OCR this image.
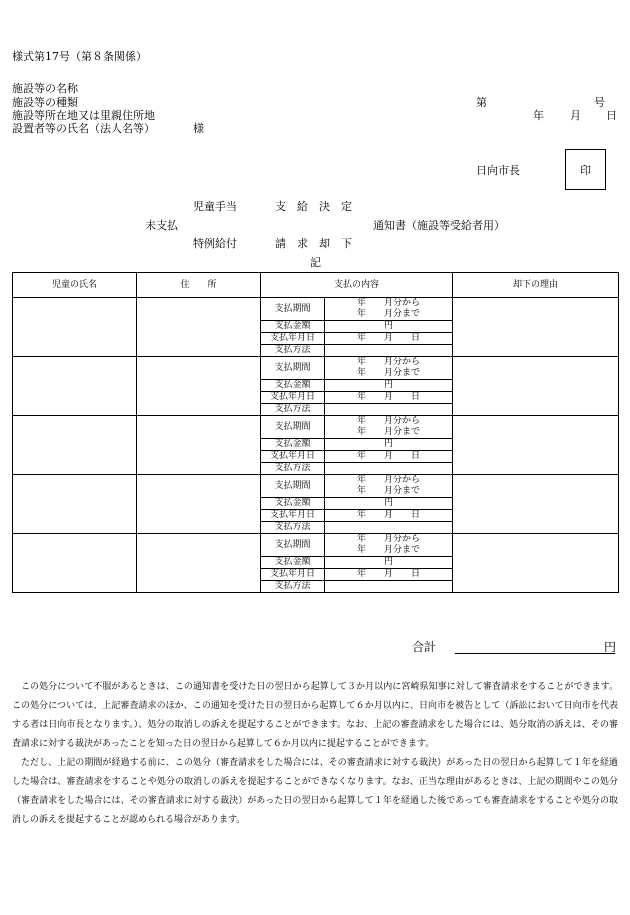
様式第17号（第８条関係）
施設等の名称
施設等の種類
施設等所在地又は里親住所地
設置者等の氏名（法人名等）	様
第	号
年 月 日
日向市長	印
児童手当	支　給　決　定
未支払	通知書（施設等受給者用）
特例給付	請　求　却　下
記
児童の氏名	住　　所	支払の内容		却下の理由
		支払期間	年　　月分から
年　　月分まで	

		支払金額	円	
		支払年月日	年　　月　　日	
		支払方法		
		支払期間	年　　月分から
年　　月分まで	

		支払金額	円	
		支払年月日	年　　月　　日	
		支払方法		
		支払期間	年　　月分から
年　　月分まで	

		支払金額	円	
		支払年月日	年　　月　　日	
		支払方法		
		支払期間	年　　月分から
年　　月分まで	

		支払金額	円	
		支払年月日	年　　月　　日	
		支払方法		
		支払期間	年　　月分から
年　　月分まで	

		支払金額	円	
		支払年月日	年　　月　　日	
		支払方法		
合計	円

この処分について不服があるときは、この通知書を受けた日の翌日から起算して３か月以内に宮崎県知事に対して審査請求をすることができます。この処分については、上記審査請求のほか、この通知を受けた日の翌日から起算して６か月以内に、日向市を被告として（訴訟において日向市を代表する者は日向市長となります。）、処分の取消しの訴えを提起することができます。なお、上記の審査請求をした場合には、処分取消の訴えは、その審査請求に対する裁決があったことを知った日の翌日から起算して６か月以内に提起することができます。

ただし、上記の期間が経過する前に、この処分（審査請求をした場合には、その審査請求に対する裁決）があった日の翌日から起算して１年を経過した場合は、審査請求をすることや処分の取消しの訴えを提起することができなくなります。なお、正当な理由があるときは、上記の期間やこの処分（審査請求をした場合には、その審査請求に対する裁決）があった日の翌日から起算して１年を経過した後であっても審査請求をすることや処分の取消しの訴えを提起することが認められる場合があります。
